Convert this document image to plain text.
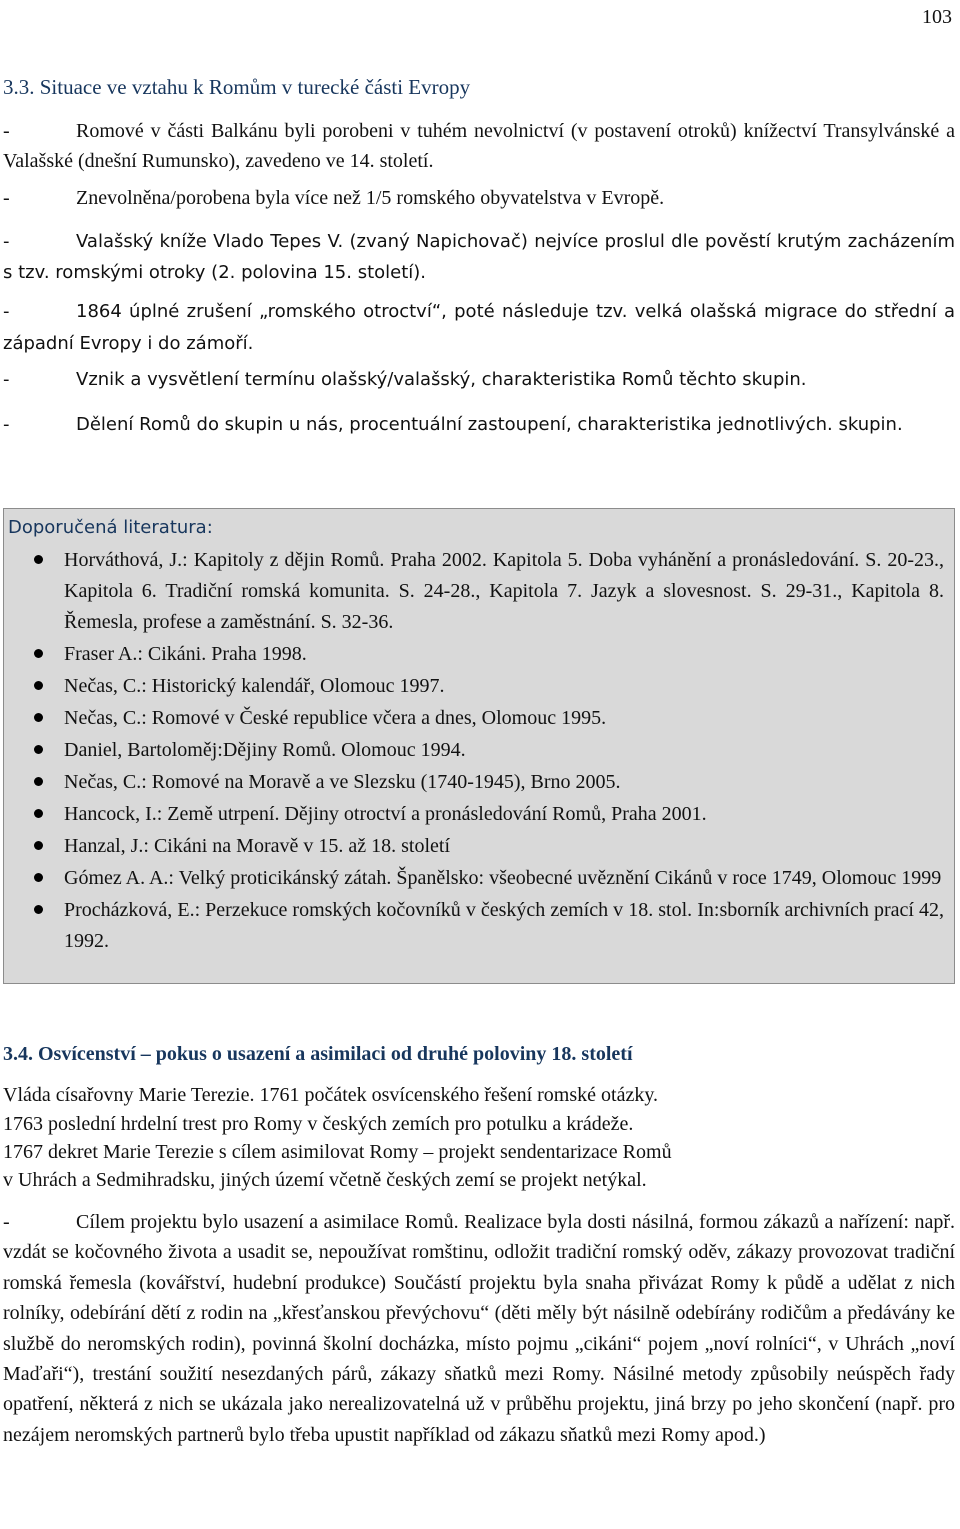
103
3.3. Situace ve vztahu k Romům v turecké části Evropy
-	Romové v části Balkánu byli porobeni v tuhém nevolnictví (v postavení otroků) knížectví Transylvánské a Valašské (dnešní Rumunsko), zavedeno ve 14. století.
-	Znevolněna/porobena byla více než 1/5 romského obyvatelstva v Evropě.
-	Valašský kníže Vlado Tepes V. (zvaný Napichovač) nejvíce proslul dle pověstí krutým zacházením s tzv. romskými otroky (2. polovina 15. století).
-	1864 úplné zrušení „romského otroctví“, poté následuje tzv. velká olašská migrace do střední a západní Evropy i do zámoří.
-	Vznik a vysvětlení termínu olašský/valašský, charakteristika Romů těchto skupin.
-	Dělení Romů do skupin u nás, procentuální zastoupení, charakteristika jednotlivých. skupin.
Doporučená literatura:
Horváthová, J.: Kapitoly z dějin Romů. Praha 2002. Kapitola 5. Doba vyhánění a pronásledování. S. 20-23., Kapitola 6. Tradiční romská komunita. S. 24-28., Kapitola 7. Jazyk a slovesnost. S. 29-31., Kapitola 8. Řemesla, profese a zaměstnání. S. 32-36.
Fraser A.: Cikáni. Praha 1998.
Nečas, C.: Historický kalendář, Olomouc 1997.
Nečas, C.: Romové v České republice včera a dnes, Olomouc 1995.
Daniel, Bartoloměj:Dějiny Romů. Olomouc 1994.
Nečas, C.: Romové na Moravě a ve Slezsku (1740-1945), Brno 2005.
Hancock, I.: Země utrpení. Dějiny otroctví a pronásledování Romů, Praha 2001.
Hanzal, J.: Cikáni na Moravě v 15. až 18. století
Gómez A. A.: Velký proticikánský zátah. Španělsko: všeobecné uvěznění Cikánů v roce 1749, Olomouc 1999
Procházková, E.: Perzekuce romských kočovníků v českých zemích v 18. stol. In:sborník archivních prací 42, 1992.
3.4. Osvícenství – pokus o usazení a asimilaci od druhé poloviny 18. století
Vláda císařovny Marie Terezie. 1761 počátek osvícenského řešení romské otázky.
1763 poslední hrdelní trest pro Romy v českých zemích pro potulku a krádeže.
1767 dekret Marie Terezie s cílem asimilovat Romy – projekt sendentarizace Romů
v Uhrách a Sedmihradsku, jiných území včetně českých zemí se projekt netýkal.
-	Cílem projektu bylo usazení a asimilace Romů. Realizace byla dosti násilná, formou zákazů a nařízení: např. vzdát se kočovného života a usadit se, nepoužívat romštinu, odložit tradiční romský oděv, zákazy provozovat tradiční romská řemesla (kovářství, hudební produkce) Součástí projektu byla snaha přivázat Romy k půdě a udělat z nich rolníky, odebírání dětí z rodin na „křesťanskou převýchovu“ (děti měly být násilně odebírány rodičům a předávány ke službě do neromských rodin), povinná školní docházka, místo pojmu „cikáni“ pojem „noví rolníci“, v Uhrách „noví Maďaři“), trestání soužití nesezdaných párů, zákazy sňatků mezi Romy. Násilné metody způsobily neúspěch řady opatření, některá z nich se ukázala jako nerealizovatelná už v průběhu projektu, jiná brzy po jeho skončení (např. pro nezájem neromských partnerů bylo třeba upustit například od zákazu sňatků mezi Romy apod.)
